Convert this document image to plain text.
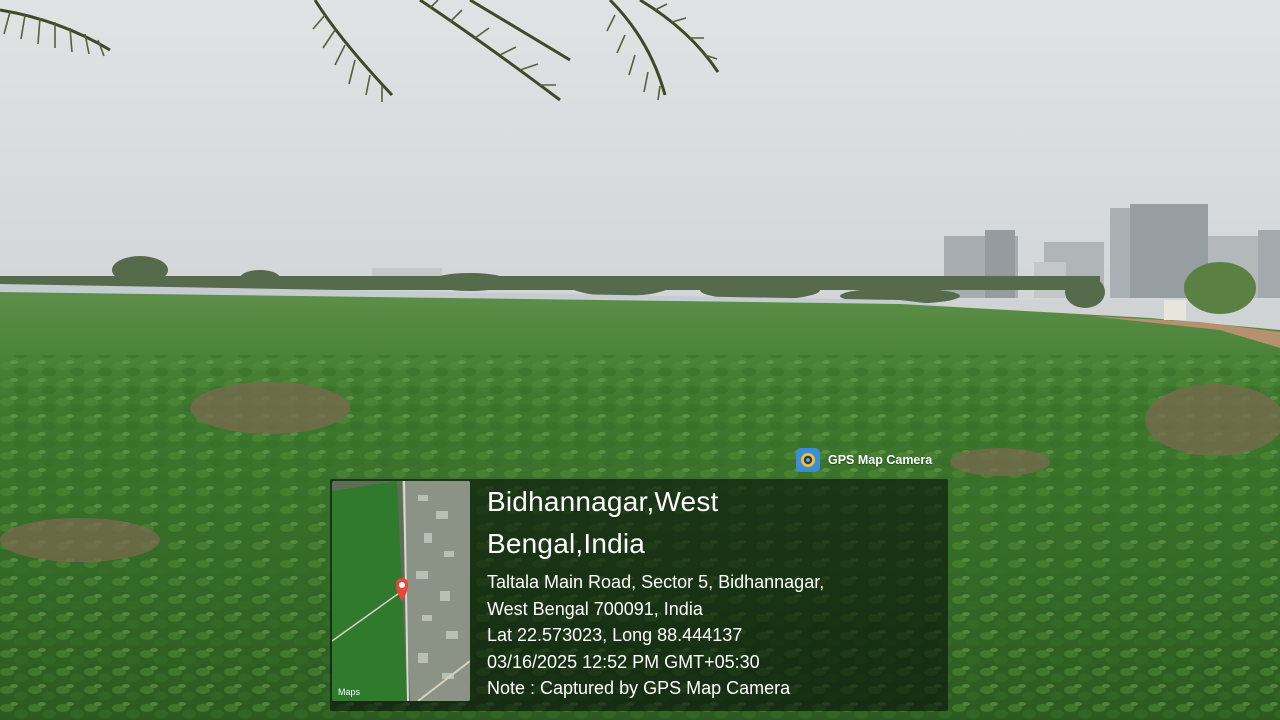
GPS Map Camera
Maps
Bidhannagar,West
Bengal,India
Taltala Main Road, Sector 5, Bidhannagar,
West Bengal 700091, India
Lat 22.573023, Long 88.444137
03/16/2025 12:52 PM GMT+05:30
Note : Captured by GPS Map Camera
